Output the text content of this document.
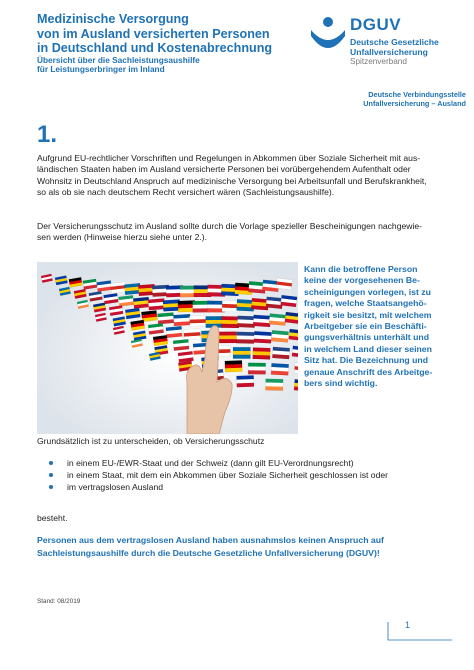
Medizinische Versorgung
von im Ausland versicherten Personen
in Deutschland und Kostenabrechnung
Übersicht über die Sachleistungsaushilfe
für Leistungserbringer im Inland
DGUV
Deutsche Gesetzliche
Unfallversicherung
Spitzenverband
Deutsche Verbindungsstelle
Unfallversicherung – Ausland
1.
Aufgrund EU-rechtlicher Vorschriften und Regelungen in Abkommen über Soziale Sicherheit mit aus-
ländischen Staaten haben im Ausland versicherte Personen bei vorübergehendem Aufenthalt oder
Wohnsitz in Deutschland Anspruch auf medizinische Versorgung bei Arbeitsunfall und Berufskrankheit,
so als ob sie nach deutschem Recht versichert wären (Sachleistungsaushilfe).
Der Versicherungsschutz im Ausland sollte durch die Vorlage spezieller Bescheinigungen nachgewie-
sen werden (Hinweise hierzu siehe unter 2.).
Kann die betroffene Person
keine der vorgesehenen Be-
scheinigungen vorlegen, ist zu
fragen, welche Staatsangehö-
rigkeit sie besitzt, mit welchem
Arbeitgeber sie ein Beschäfti-
gungsverhältnis unterhält und
in welchem Land dieser seinen
Sitz hat. Die Bezeichnung und
genaue Anschrift des Arbeitge-
bers sind wichtig.
Grundsätzlich ist zu unterscheiden, ob Versicherungsschutz
in einem EU-/EWR-Staat und der Schweiz (dann gilt EU-Verordnungsrecht)
in einem Staat, mit dem ein Abkommen über Soziale Sicherheit geschlossen ist oder
im vertragslosen Ausland
besteht.
Personen aus dem vertragslosen Ausland haben ausnahmslos keinen Anspruch auf
Sachleistungsaushilfe durch die Deutsche Gesetzliche Unfallversicherung (DGUV)!
Stand: 08/2019
1
